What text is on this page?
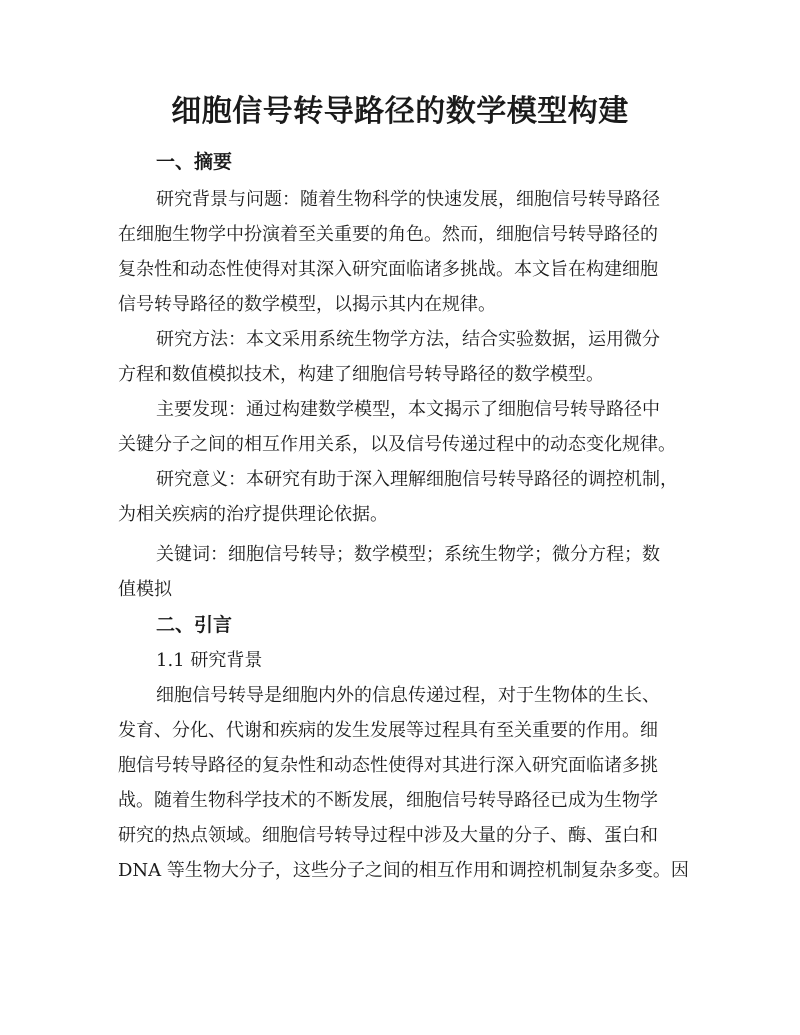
细胞信号转导路径的数学模型构建
一、摘要

研究背景与问题：随着生物科学的快速发展，细胞信号转导路径
在细胞生物学中扮演着至关重要的角色。然而，细胞信号转导路径的
复杂性和动态性使得对其深入研究面临诸多挑战。本文旨在构建细胞
信号转导路径的数学模型，以揭示其内在规律。

研究方法：本文采用系统生物学方法，结合实验数据，运用微分
方程和数值模拟技术，构建了细胞信号转导路径的数学模型。

主要发现：通过构建数学模型，本文揭示了细胞信号转导路径中
关键分子之间的相互作用关系，以及信号传递过程中的动态变化规律。

研究意义：本研究有助于深入理解细胞信号转导路径的调控机制，
为相关疾病的治疗提供理论依据。

关键词：细胞信号转导；数学模型；系统生物学；微分方程；数
值模拟

二、引言
1.1 研究背景

细胞信号转导是细胞内外的信息传递过程，对于生物体的生长、
发育、分化、代谢和疾病的发生发展等过程具有至关重要的作用。细
胞信号转导路径的复杂性和动态性使得对其进行深入研究面临诸多挑
战。随着生物科学技术的不断发展，细胞信号转导路径已成为生物学
研究的热点领域。细胞信号转导过程中涉及大量的分子、酶、蛋白和
DNA 等生物大分子，这些分子之间的相互作用和调控机制复杂多变。因
